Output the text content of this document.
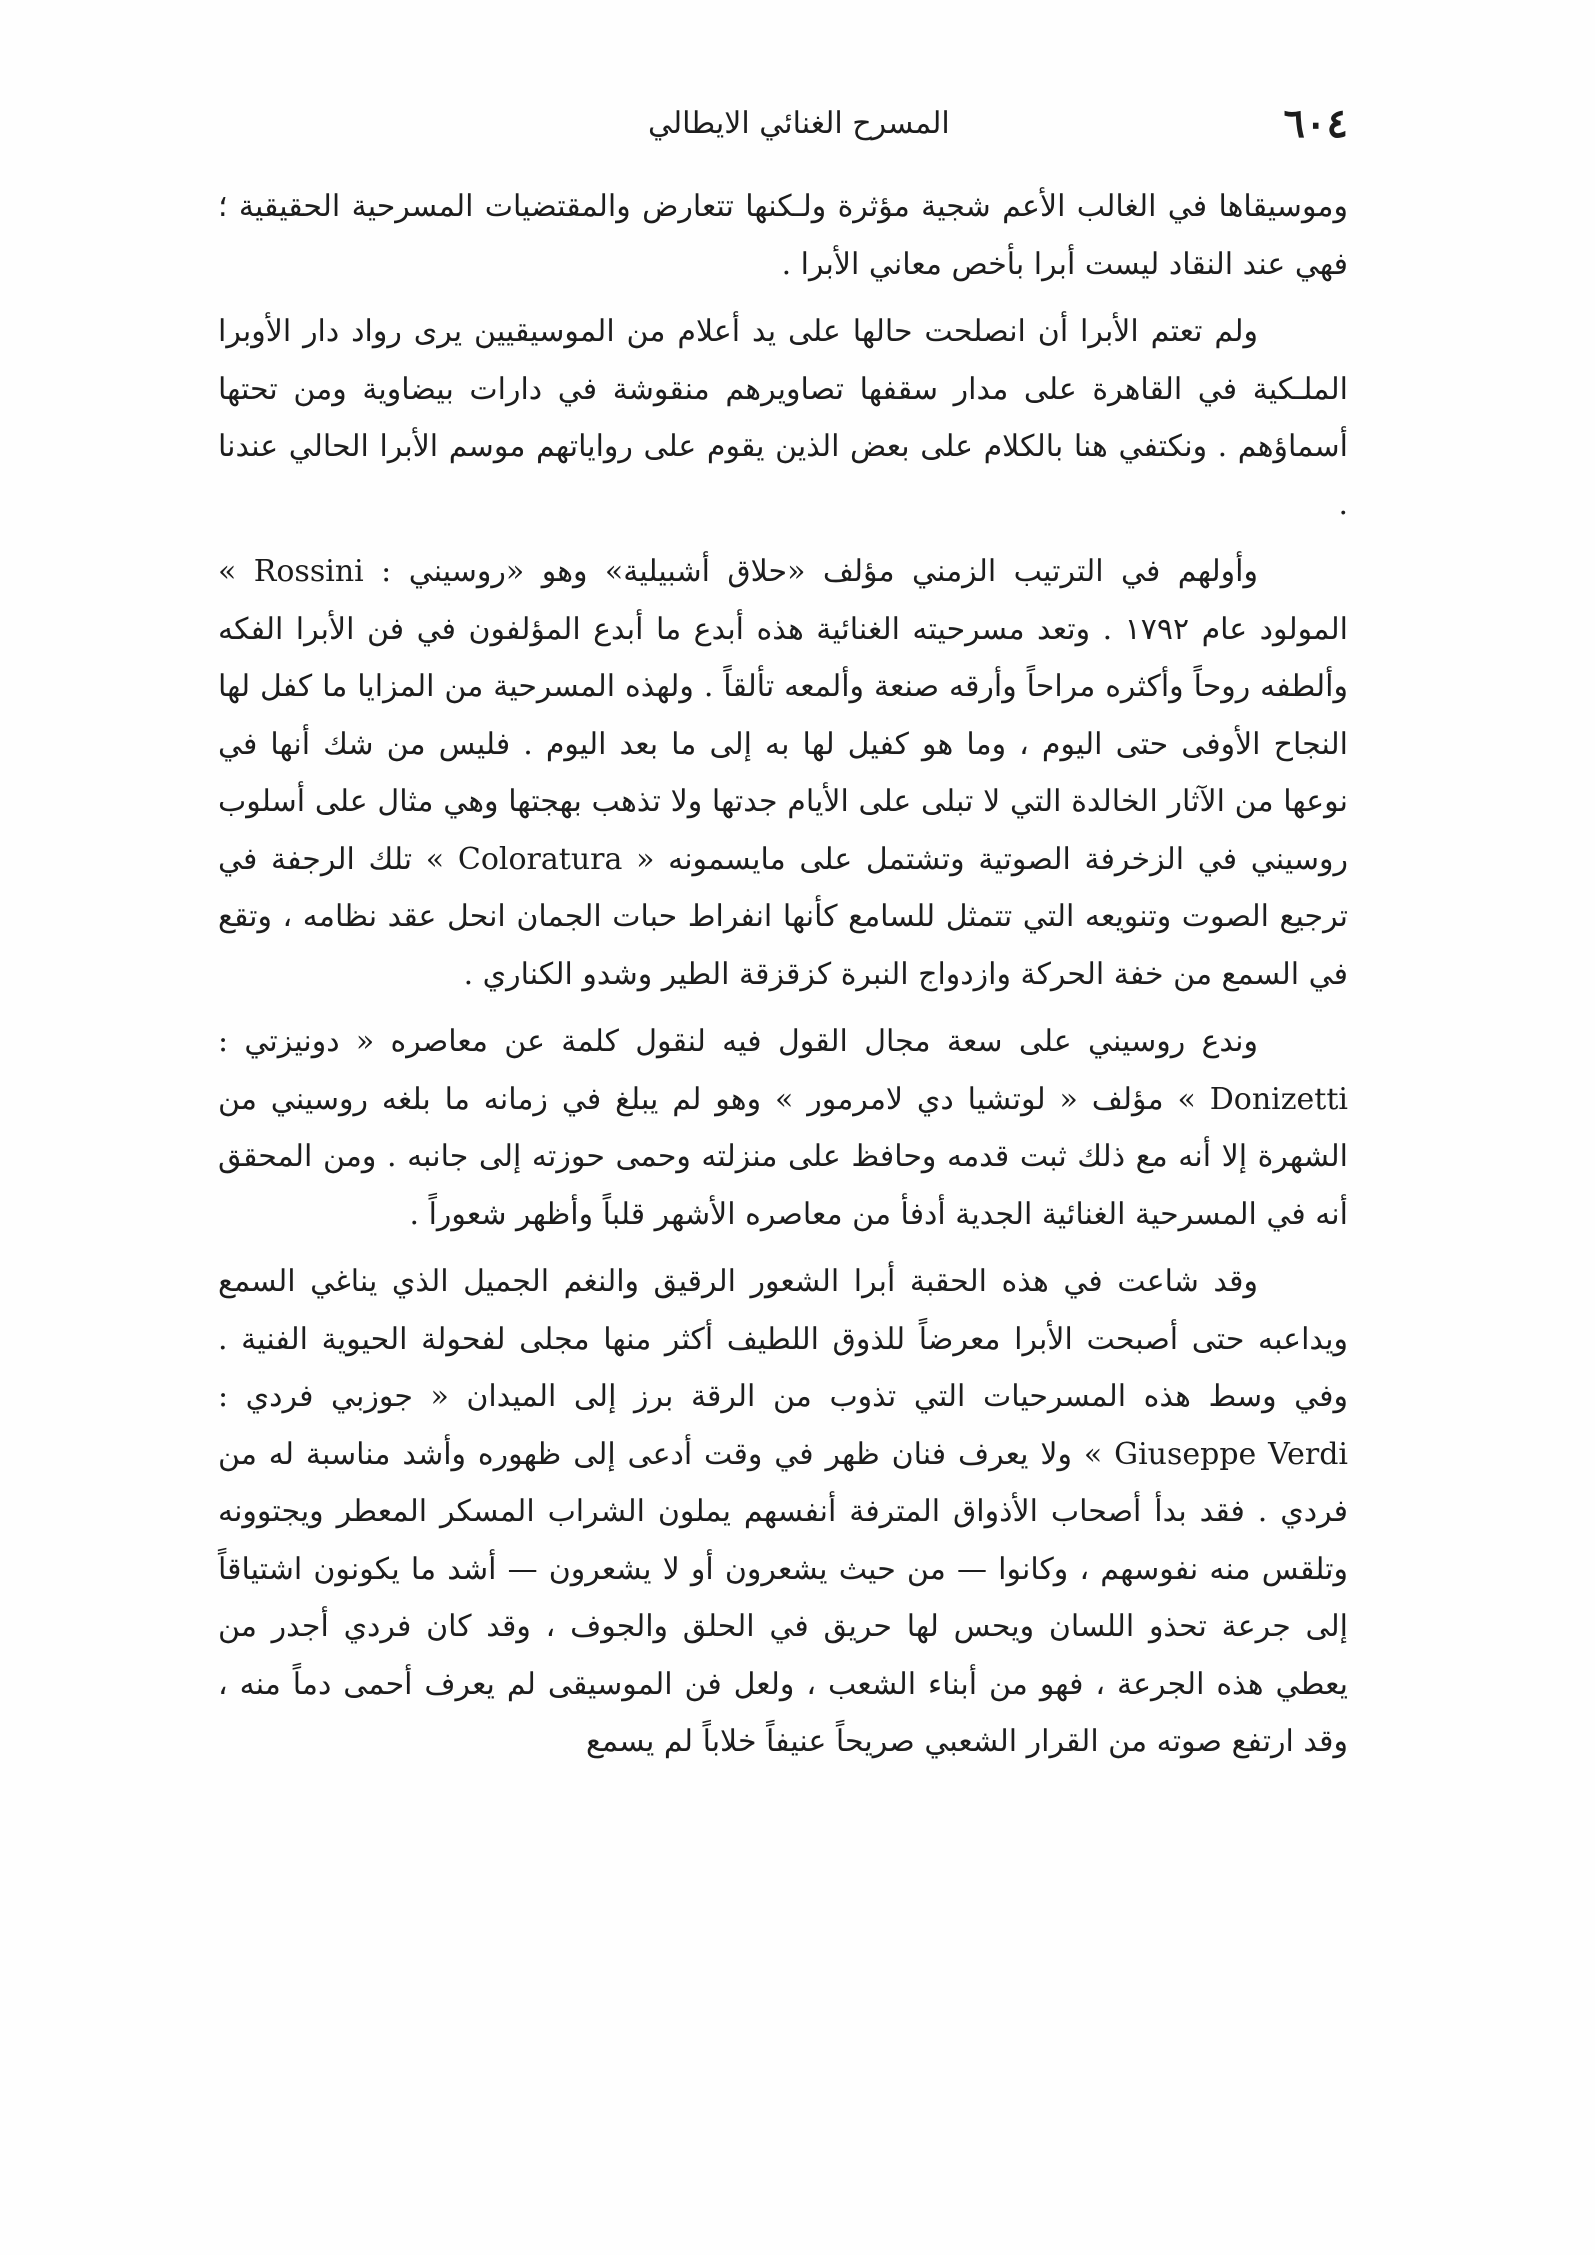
٦٠٤
المسرح الغنائي الايطالي

وموسيقاها في الغالب الأعم شجية مؤثرة ولـكنها تتعارض والمقتضيات المسرحية الحقيقية ؛ فهي عند النقاد ليست أبرا بأخص معاني الأبرا .

ولم تعتم الأبرا أن انصلحت حالها على يد أعلام من الموسيقيين يرى رواد دار الأوبرا الملـكية في القاهرة على مدار سقفها تصاويرهم منقوشة في دارات بيضاوية ومن تحتها أسماؤهم . ونكتفي هنا بالكلام على بعض الذين يقوم على رواياتهم موسم الأبرا الحالي عندنا .

وأولهم في الترتيب الزمني مؤلف «حلاق أشبيلية» وهو «روسيني : Rossini » المولود عام ١٧٩٢ . وتعد مسرحيته الغنائية هذه أبدع ما أبدع المؤلفون في فن الأبرا الفكه وألطفه روحاً وأكثره مراحاً وأرقه صنعة وألمعه تألقاً . ولهذه المسرحية من المزايا ما كفل لها النجاح الأوفى حتى اليوم ، وما هو كفيل لها به إلى ما بعد اليوم . فليس من شك أنها في نوعها من الآثار الخالدة التي لا تبلى على الأيام جدتها ولا تذهب بهجتها وهي مثال على أسلوب روسيني في الزخرفة الصوتية وتشتمل على مايسمونه « Coloratura » تلك الرجفة في ترجيع الصوت وتنويعه التي تتمثل للسامع كأنها انفراط حبات الجمان انحل عقد نظامه ، وتقع في السمع من خفة الحركة وازدواج النبرة كزقزقة الطير وشدو الكناري .

وندع روسيني على سعة مجال القول فيه لنقول كلمة عن معاصره « دونيزتي : Donizetti » مؤلف « لوتشيا دي لامرمور » وهو لم يبلغ في زمانه ما بلغه روسيني من الشهرة إلا أنه مع ذلك ثبت قدمه وحافظ على منزلته وحمى حوزته إلى جانبه . ومن المحقق أنه في المسرحية الغنائية الجدية أدفأ من معاصره الأشهر قلباً وأظهر شعوراً .

وقد شاعت في هذه الحقبة أبرا الشعور الرقيق والنغم الجميل الذي يناغي السمع ويداعبه حتى أصبحت الأبرا معرضاً للذوق اللطيف أكثر منها مجلى لفحولة الحيوية الفنية . وفي وسط هذه المسرحيات التي تذوب من الرقة برز إلى الميدان « جوزبي فردي : Giuseppe Verdi » ولا يعرف فنان ظهر في وقت أدعى إلى ظهوره وأشد مناسبة له من فردي . فقد بدأ أصحاب الأذواق المترفة أنفسهم يملون الشراب المسكر المعطر ويجتوونه وتلقس منه نفوسهم ، وكانوا — من حيث يشعرون أو لا يشعرون — أشد ما يكونون اشتياقاً إلى جرعة تحذو اللسان ويحس لها حريق في الحلق والجوف ، وقد كان فردي أجدر من يعطي هذه الجرعة ، فهو من أبناء الشعب ، ولعل فن الموسيقى لم يعرف أحمى دماً منه ، وقد ارتفع صوته من القرار الشعبي صريحاً عنيفاً خلاباً لم يسمع
